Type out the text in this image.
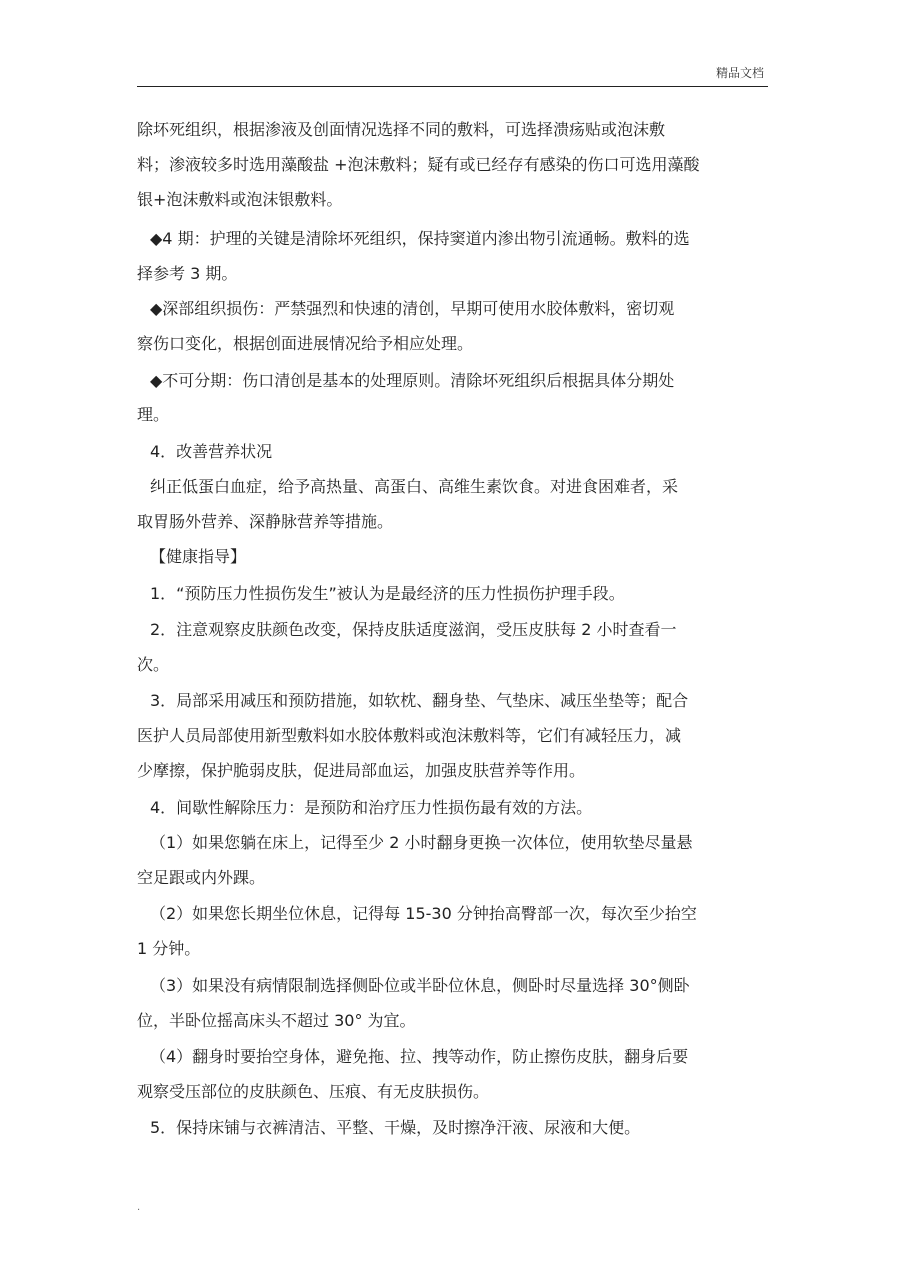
精品文档
除坏死组织，根据渗液及创面情况选择不同的敷料，可选择溃疡贴或泡沫敷
料；渗液较多时选用藻酸盐 +泡沫敷料；疑有或已经存有感染的伤口可选用藻酸
银+泡沫敷料或泡沫银敷料。
◆4 期：护理的关键是清除坏死组织，保持窦道内渗出物引流通畅。敷料的选
择参考 3 期。
◆深部组织损伤：严禁强烈和快速的清创，早期可使用水胶体敷料，密切观
察伤口变化，根据创面进展情况给予相应处理。
◆不可分期：伤口清创是基本的处理原则。清除坏死组织后根据具体分期处
理。
4．改善营养状况
纠正低蛋白血症，给予高热量、高蛋白、高维生素饮食。对进食困难者，采
取胃肠外营养、深静脉营养等措施。
【健康指导】
1．“预防压力性损伤发生”被认为是最经济的压力性损伤护理手段。
2．注意观察皮肤颜色改变，保持皮肤适度滋润，受压皮肤每 2 小时查看一
次。
3．局部采用减压和预防措施，如软枕、翻身垫、气垫床、减压坐垫等；配合
医护人员局部使用新型敷料如水胶体敷料或泡沫敷料等，它们有减轻压力，减
少摩擦，保护脆弱皮肤，促进局部血运，加强皮肤营养等作用。
4．间歇性解除压力：是预防和治疗压力性损伤最有效的方法。
（1）如果您躺在床上，记得至少 2 小时翻身更换一次体位，使用软垫尽量悬
空足跟或内外踝。
（2）如果您长期坐位休息，记得每 15-30 分钟抬高臀部一次，每次至少抬空
1 分钟。
（3）如果没有病情限制选择侧卧位或半卧位休息，侧卧时尽量选择 30°侧卧
位，半卧位摇高床头不超过 30° 为宜。
（4）翻身时要抬空身体，避免拖、拉、拽等动作，防止擦伤皮肤，翻身后要
观察受压部位的皮肤颜色、压痕、有无皮肤损伤。
5．保持床铺与衣裤清洁、平整、干燥，及时擦净汗液、尿液和大便。
.
